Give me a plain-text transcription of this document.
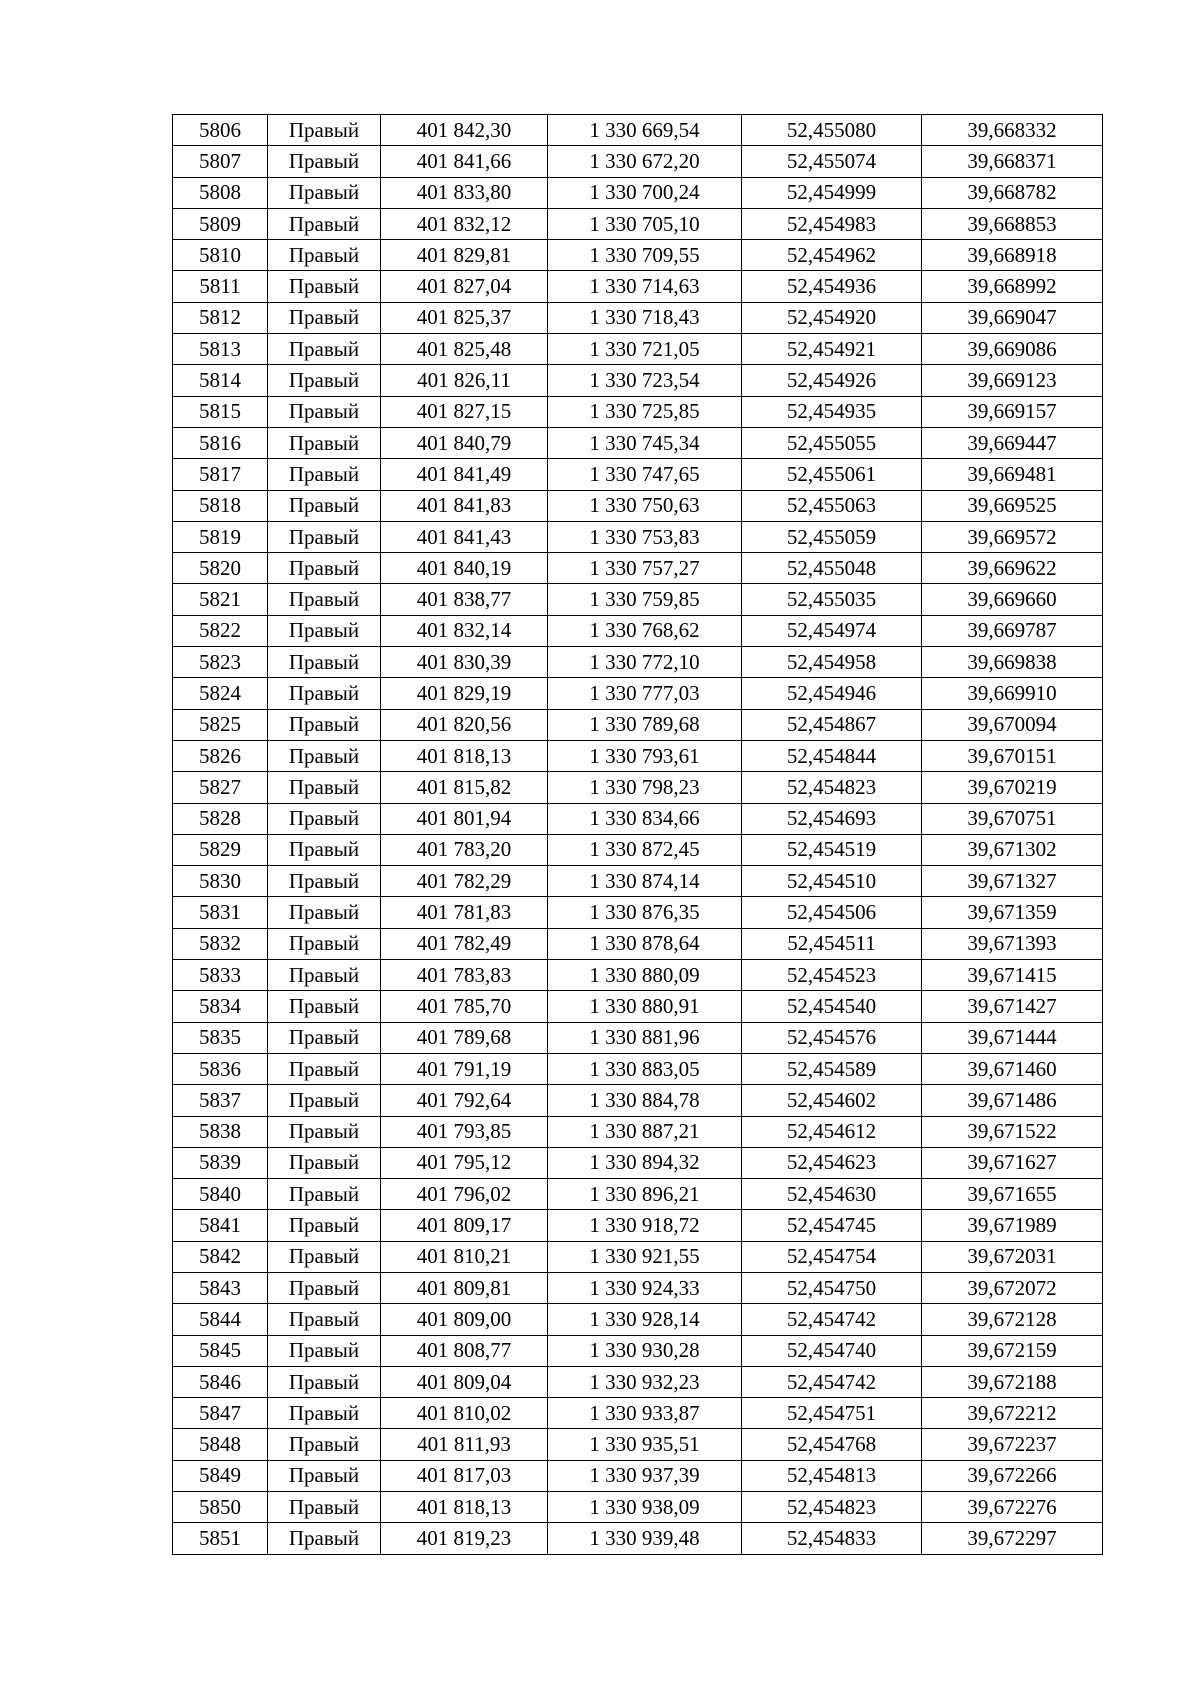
5806	Правый	401 842,30	1 330 669,54	52,455080	39,668332
5807	Правый	401 841,66	1 330 672,20	52,455074	39,668371
5808	Правый	401 833,80	1 330 700,24	52,454999	39,668782
5809	Правый	401 832,12	1 330 705,10	52,454983	39,668853
5810	Правый	401 829,81	1 330 709,55	52,454962	39,668918
5811	Правый	401 827,04	1 330 714,63	52,454936	39,668992
5812	Правый	401 825,37	1 330 718,43	52,454920	39,669047
5813	Правый	401 825,48	1 330 721,05	52,454921	39,669086
5814	Правый	401 826,11	1 330 723,54	52,454926	39,669123
5815	Правый	401 827,15	1 330 725,85	52,454935	39,669157
5816	Правый	401 840,79	1 330 745,34	52,455055	39,669447
5817	Правый	401 841,49	1 330 747,65	52,455061	39,669481
5818	Правый	401 841,83	1 330 750,63	52,455063	39,669525
5819	Правый	401 841,43	1 330 753,83	52,455059	39,669572
5820	Правый	401 840,19	1 330 757,27	52,455048	39,669622
5821	Правый	401 838,77	1 330 759,85	52,455035	39,669660
5822	Правый	401 832,14	1 330 768,62	52,454974	39,669787
5823	Правый	401 830,39	1 330 772,10	52,454958	39,669838
5824	Правый	401 829,19	1 330 777,03	52,454946	39,669910
5825	Правый	401 820,56	1 330 789,68	52,454867	39,670094
5826	Правый	401 818,13	1 330 793,61	52,454844	39,670151
5827	Правый	401 815,82	1 330 798,23	52,454823	39,670219
5828	Правый	401 801,94	1 330 834,66	52,454693	39,670751
5829	Правый	401 783,20	1 330 872,45	52,454519	39,671302
5830	Правый	401 782,29	1 330 874,14	52,454510	39,671327
5831	Правый	401 781,83	1 330 876,35	52,454506	39,671359
5832	Правый	401 782,49	1 330 878,64	52,454511	39,671393
5833	Правый	401 783,83	1 330 880,09	52,454523	39,671415
5834	Правый	401 785,70	1 330 880,91	52,454540	39,671427
5835	Правый	401 789,68	1 330 881,96	52,454576	39,671444
5836	Правый	401 791,19	1 330 883,05	52,454589	39,671460
5837	Правый	401 792,64	1 330 884,78	52,454602	39,671486
5838	Правый	401 793,85	1 330 887,21	52,454612	39,671522
5839	Правый	401 795,12	1 330 894,32	52,454623	39,671627
5840	Правый	401 796,02	1 330 896,21	52,454630	39,671655
5841	Правый	401 809,17	1 330 918,72	52,454745	39,671989
5842	Правый	401 810,21	1 330 921,55	52,454754	39,672031
5843	Правый	401 809,81	1 330 924,33	52,454750	39,672072
5844	Правый	401 809,00	1 330 928,14	52,454742	39,672128
5845	Правый	401 808,77	1 330 930,28	52,454740	39,672159
5846	Правый	401 809,04	1 330 932,23	52,454742	39,672188
5847	Правый	401 810,02	1 330 933,87	52,454751	39,672212
5848	Правый	401 811,93	1 330 935,51	52,454768	39,672237
5849	Правый	401 817,03	1 330 937,39	52,454813	39,672266
5850	Правый	401 818,13	1 330 938,09	52,454823	39,672276
5851	Правый	401 819,23	1 330 939,48	52,454833	39,672297
